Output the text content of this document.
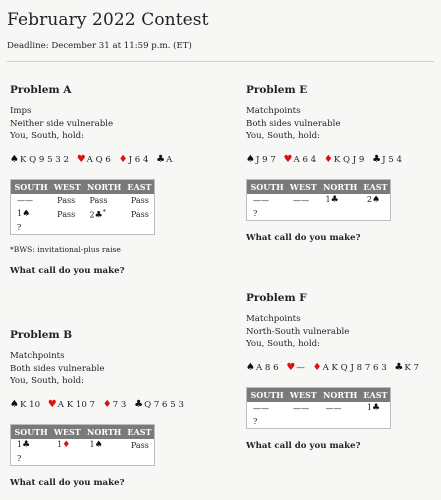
February 2022 Contest
Deadline: December 31 at 11:59 p.m. (ET)
Problem A
Imps
Neither side vulnerable
You, South, hold:
♠K Q 9 5 3 2 ♥A Q 6 ♦J 6 4 ♣A
SOUTH	WEST	NORTH	EAST
——	Pass	Pass	Pass
1♠	Pass	2♣*	Pass
?			
*BWS: invitational-plus raise
What call do you make?
Problem B
Matchpoints
Both sides vulnerable
You, South, hold:
♠K 10 ♥A K 10 7 ♦7 3 ♣Q 7 6 5 3
SOUTH	WEST	NORTH	EAST
1♣	1♦	1♠	Pass
?			
What call do you make?
Problem E
Matchpoints
Both sides vulnerable
You, South, hold:
♠J 9 7 ♥A 6 4 ♦K Q J 9 ♣J 5 4
SOUTH	WEST	NORTH	EAST
——	——	1♣	2♠
?			
What call do you make?
Problem F
Matchpoints
North-South vulnerable
You, South, hold:
♠A 8 6 ♥— ♦A K Q J 8 7 6 3 ♣K 7
SOUTH	WEST	NORTH	EAST
——	——	——	1♣
?			
What call do you make?
